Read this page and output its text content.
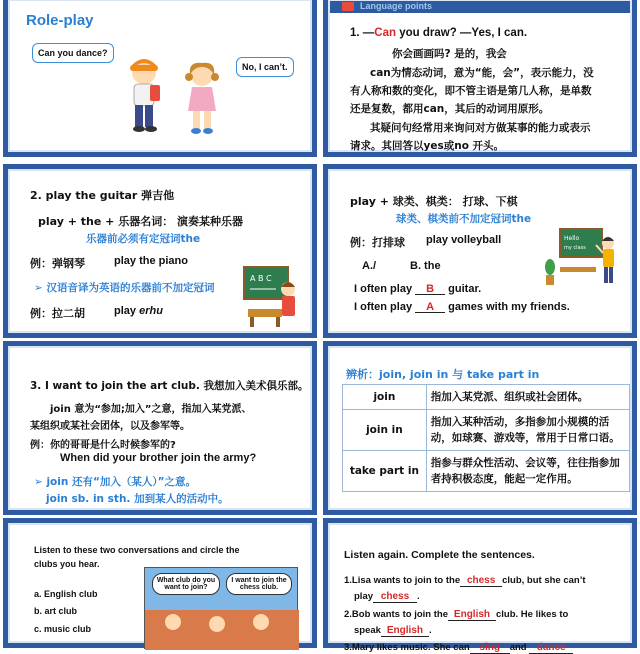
Role-play
Can you dance?
No, I can’t.
Language points
1. —Can you draw? —Yes, I can.
你会画画吗? 是的，我会
can为情态动词，意为“能，会”，表示能力，没
有人称和数的变化，即不管主语是第几人称，是单数
还是复数，都用can，其后的动词用原形。
其疑问句经常用来询问对方做某事的能力或表示
请求。其回答以yes或no 开头。
2. play the guitar 弹吉他
play + the + 乐器名词： 演奏某种乐器
乐器前必须有定冠词the
例：弹钢琴	play the piano
➢ 汉语音译为英语的乐器前不加定冠词
例：拉二胡	play erhu
A B C
play + 球类、棋类： 打球、下棋
球类、棋类前不加定冠词the
例：打排球 play volleyball
A./	B. the
I often play B guitar.
I often play A games with my friends.
Hello
my class
3. I want to join the art club. 我想加入美术俱乐部。
join 意为“参加;加入”之意，指加入某党派、
某组织或某社会团体，以及参军等。
例：你的哥哥是什么时候参军的?
When did your brother join the army?
➢ join 还有“加入（某人）”之意。
join sb. in sth. 加到某人的活动中。
辨析：join, join in 与 take part in
join	指加入某党派、组织或社会团体。
join in	指加入某种活动，多指参加小规模的活动，如球赛、游戏等，常用于日常口语。
take part in	指参与群众性活动、会议等，往往指参加者持积极态度，能起一定作用。
Listen to these two conversations and circle the
clubs you hear.
a. English club
b. art club
c. music club
What club do you want to join?
I want to join the chess club.
Listen again. Complete the sentences.
1.Lisa wants to join to the chess club, but she can’t
play chess .
2.Bob wants to join the English club. He likes to
speak English .
3.Mary likes music. She can sing and dance
